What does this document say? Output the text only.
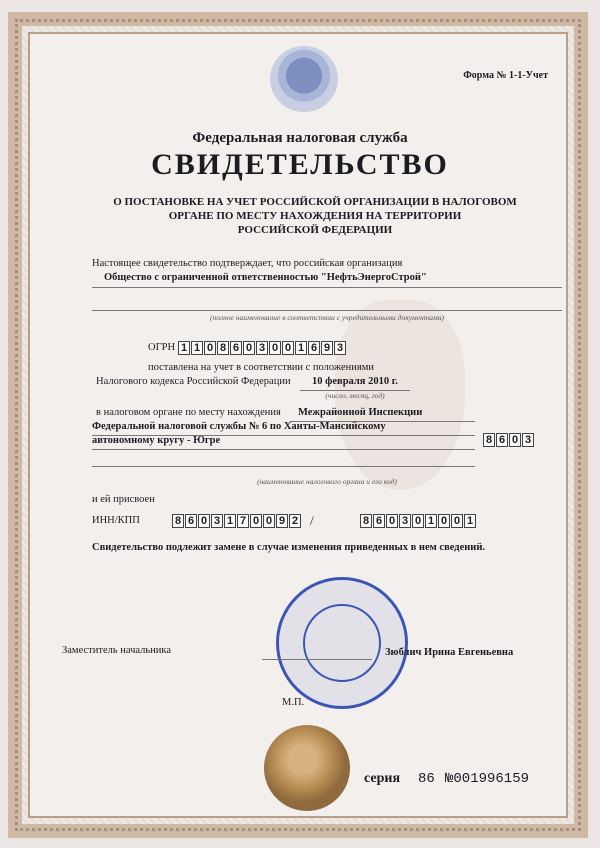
Форма № 1-1-Учет

Федеральная налоговая служба

СВИДЕТЕЛЬСТВО

О ПОСТАНОВКЕ НА УЧЕТ РОССИЙСКОЙ ОРГАНИЗАЦИИ В НАЛОГОВОМ
ОРГАНЕ ПО МЕСТУ НАХОЖДЕНИЯ НА ТЕРРИТОРИИ
РОССИЙСКОЙ ФЕДЕРАЦИИ

Настоящее свидетельство подтверждает, что российская организация

Общество с ограниченной ответственностью "НефтьЭнергоСтрой"

(полное наименование в соответствии с учредительными документами)

ОГРН 1 1 0 8 6 0 3 0 0 1 6 9 3

поставлена на учет в соответствии с положениями

Налогового кодекса Российской Федерации 10 февраля 2010 г.

(число, месяц, год)

в налоговом органе по месту нахождения Межрайонной Инспекции

Федеральной налоговой службы № 6 по Ханты-Мансийскому

автономному кругу - Югре	8 6 0 3

(наименование налогового органа и его код)

и ей присвоен

ИНН/КПП	8 6 0 3 1 7 0 0 9 2 /	8 6 0 3 0 1 0 0 1

Свидетельство подлежит замене в случае изменения приведенных в нем сведений.

Заместитель начальника	Зюблич Ирина Евгеньевна

М.П.

серия 86 №001996159
